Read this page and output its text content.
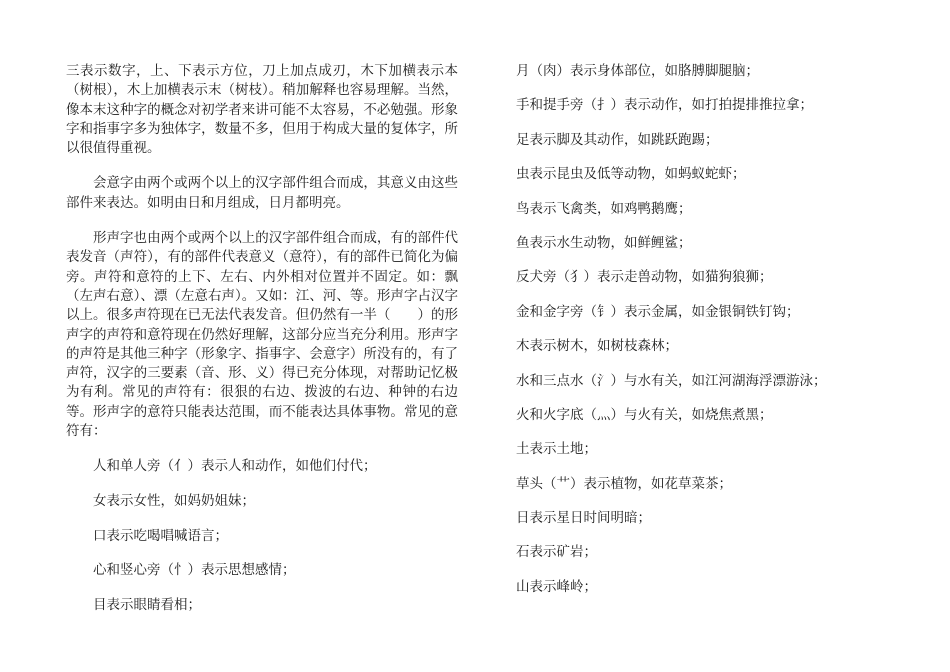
三表示数字，上、下表示方位，刀上加点成刃，木下加横表示本（树根），木上加横表示末（树枝）。稍加解释也容易理解。当然，像本末这种字的概念对初学者来讲可能不太容易，不必勉强。形象字和指事字多为独体字，数量不多，但用于构成大量的复体字，所以很值得重视。

会意字由两个或两个以上的汉字部件组合而成，其意义由这些部件来表达。如明由日和月组成，日月都明亮。

形声字也由两个或两个以上的汉字部件组合而成，有的部件代表发音（声符），有的部件代表意义（意符），有的部件已简化为偏旁。声符和意符的上下、左右、内外相对位置并不固定。如：飘（左声右意）、漂（左意右声）。又如：江、河、等。形声字占汉字　　以上。很多声符现在已无法代表发音。但仍然有一半（　　）的形声字的声符和意符现在仍然好理解，这部分应当充分利用。形声字的声符是其他三种字（形象字、指事字、会意字）所没有的，有了声符，汉字的三要素（音、形、义）得已充分体现，对帮助记忆极为有利。常见的声符有：很狠的右边、拨波的右边、种钟的右边等。形声字的意符只能表达范围，而不能表达具体事物。常见的意符有：

人和单人旁（亻）表示人和动作，如他们付代；
女表示女性，如妈奶姐妹；
口表示吃喝唱喊语言；
心和竖心旁（忄）表示思想感情；
目表示眼睛看相；
月（肉）表示身体部位，如胳膊脚腿脑；
手和提手旁（扌）表示动作，如打拍提排推拉拿；
足表示脚及其动作，如跳跃跑踢；
虫表示昆虫及低等动物，如蚂蚁蛇虾；
鸟表示飞禽类，如鸡鸭鹅鹰；
鱼表示水生动物，如鲜鲤鲨；
反犬旁（犭）表示走兽动物，如猫狗狼狮；
金和金字旁（钅）表示金属，如金银铜铁钉钩；
木表示树木，如树枝森林；
水和三点水（氵）与水有关，如江河湖海浮漂游泳；
火和火字底（灬）与火有关，如烧焦煮黑；
土表示土地；
草头（艹）表示植物，如花草菜茶；
日表示星日时间明暗；
石表示矿岩；
山表示峰岭；
